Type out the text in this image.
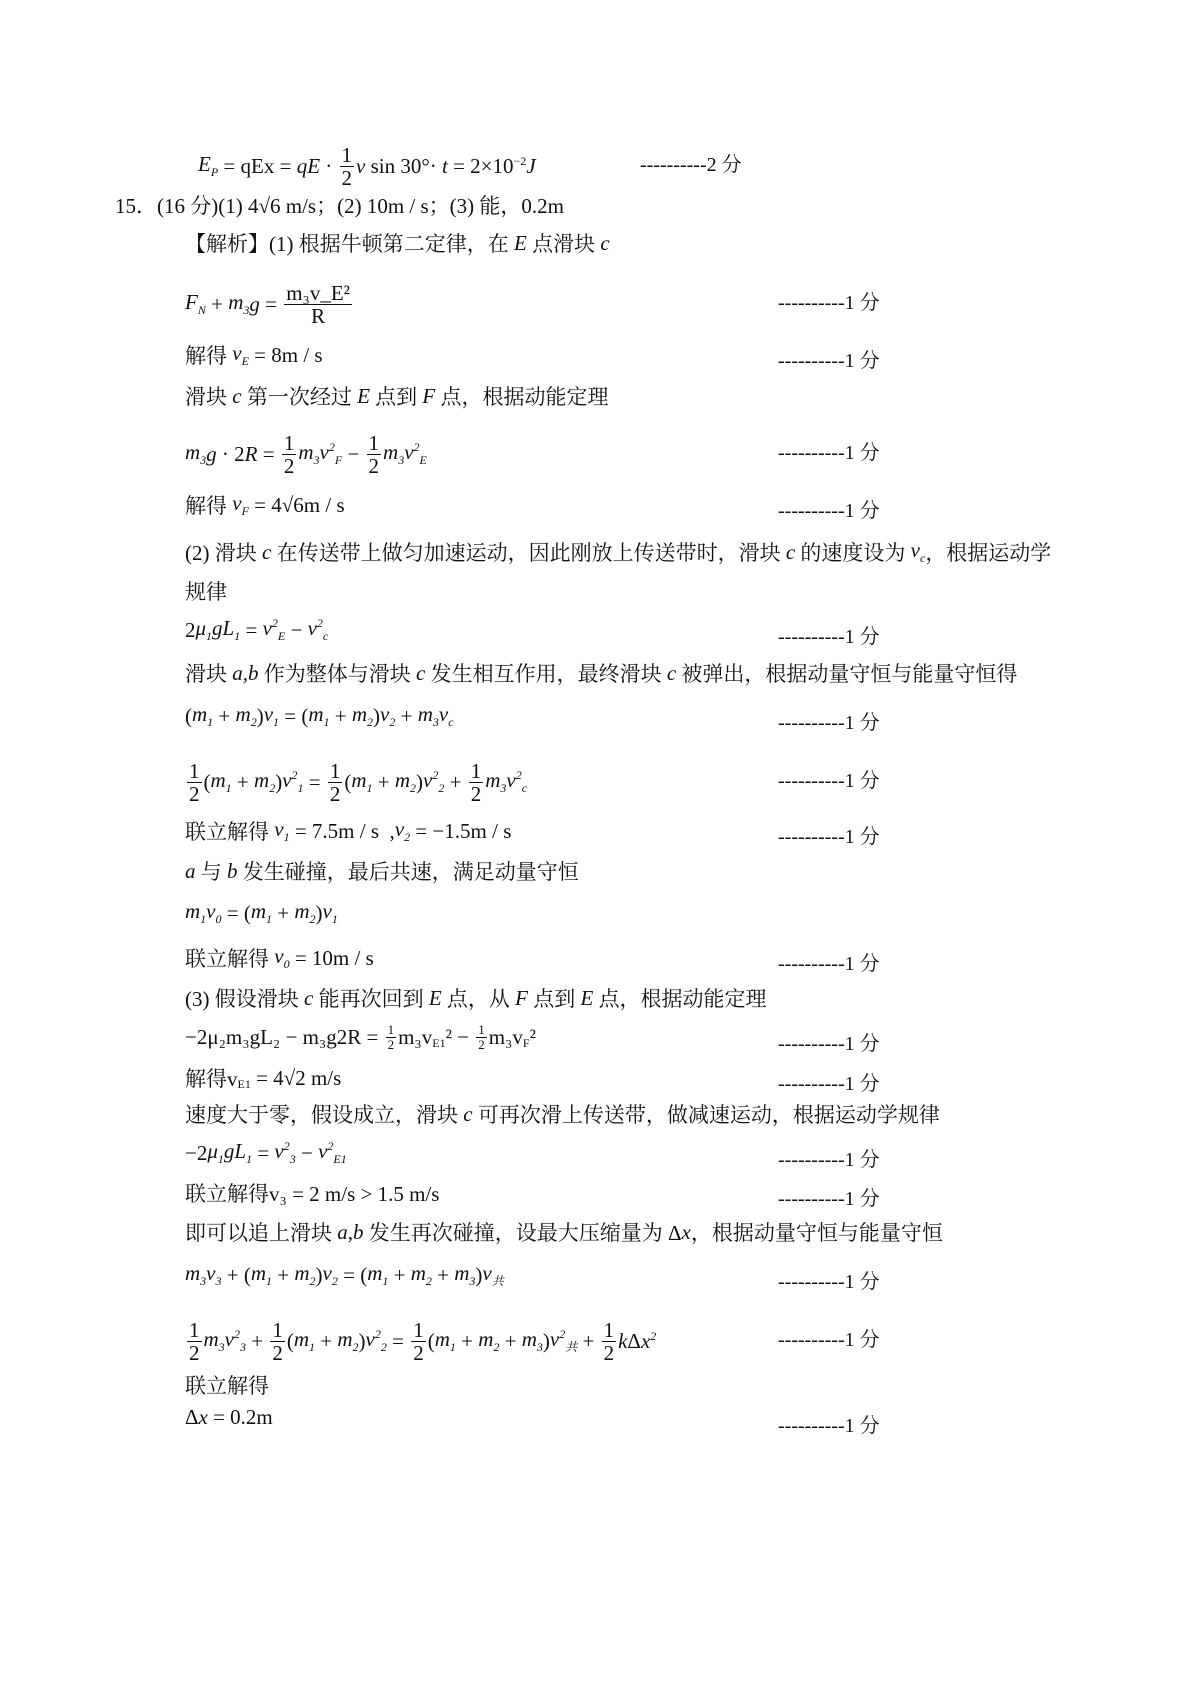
$E_P$ = qEx = qE · $\frac{1}{2}$ v sin 30°· t = 2×10 $^{-2}$ J	----------2 分
15．(16 分)(1) 4√6 m/s；(2) 10m / s；(3) 能，0.2m
【解析】(1) 根据牛顿第二定律，在 E 点滑块 c
$F_N + m_3$ $g = \frac{\text{m₃v\_E²}}{R}$	----------1 分
解得 $v_E = 8m / s$	----------1 分
滑块 c 第一次经过 E 点到 F 点，根据动能定理
$m_3$ g · 2 $R = \frac{1}{2} m_3$ $v^2_F - \frac{1}{2} m_3$ $v^2_E$	----------1 分
解得 $v_F = 4√6m / s$	----------1 分
(2) 滑块 c 在传送带上做匀加速运动，因此刚放上传送带时，滑块 c 的速度设为 $v_c$ ，根据运动学
规律
2 $\mu_1$ $gL_1 = v^2_E - v^2_c$	----------1 分
滑块 a,b 作为整体与滑块 c 发生相互作用，最终滑块 c 被弹出，根据动量守恒与能量守恒得
( $m_1 + m_2$ ) $v_1$ = ( $m_1 + m_2$ ) $v_2 + m_3$ $v_c$	----------1 分
$\frac{1}{2}$ ( $m_1 + m_2$ ) $v^2_1 = \frac{1}{2}$ ( $m_1 + m_2$ ) $v^2_2 + \frac{1}{2} m_3$ $v^2_c$	----------1 分
联立解得 $v_1 = 7.5m / s$  , $v_2 = -1.5m / s$	----------1 分
a 与 b 发生碰撞，最后共速，满足动量守恒
$m_1$ $v_0$ = ( $m_1 + m_2$ ) $v_1$
联立解得 $v_0 = 10m / s$	----------1 分
(3) 假设滑块 c 能再次回到 E 点，从 F 点到 E 点，根据动能定理
$-2\mu_2m_3gL_2 - m_3g2R = \frac{1}{2} m_3v$ $_{E1}$ $^2 - \frac{1}{2} m_3v$ $_F$ ²	----------1 分
解得v $_{E1}$ = 4√2 m/s	----------1 分
速度大于零，假设成立，滑块 c 可再次滑上传送带，做减速运动，根据运动学规律
−2 $\mu_1$ $gL_1 = v^2_3 - v^2_{E1}$	----------1 分
联立解得v₃ = 2 m/s > 1.5 m/s	----------1 分
即可以追上滑块 a,b 发生再次碰撞，设最大压缩量为 Δ x ，根据动量守恒与能量守恒
$m_3$ $v_3$ + ( $m_1 + m_2$ ) $v_2$ = ( $m_1 + m_2 + m_3$ ) $v_共$	----------1 分
$\frac{1}{2} m_3$ $v^2_3 + \frac{1}{2}$ ( $m_1 + m_2$ ) $v^2_2 = \frac{1}{2}$ ( $m_1 + m_2 + m_3$ ) $v^2_共 + \frac{1}{2}$ k Δ $x^2$	----------1 分
联立解得
Δ x = 0.2m	----------1 分
